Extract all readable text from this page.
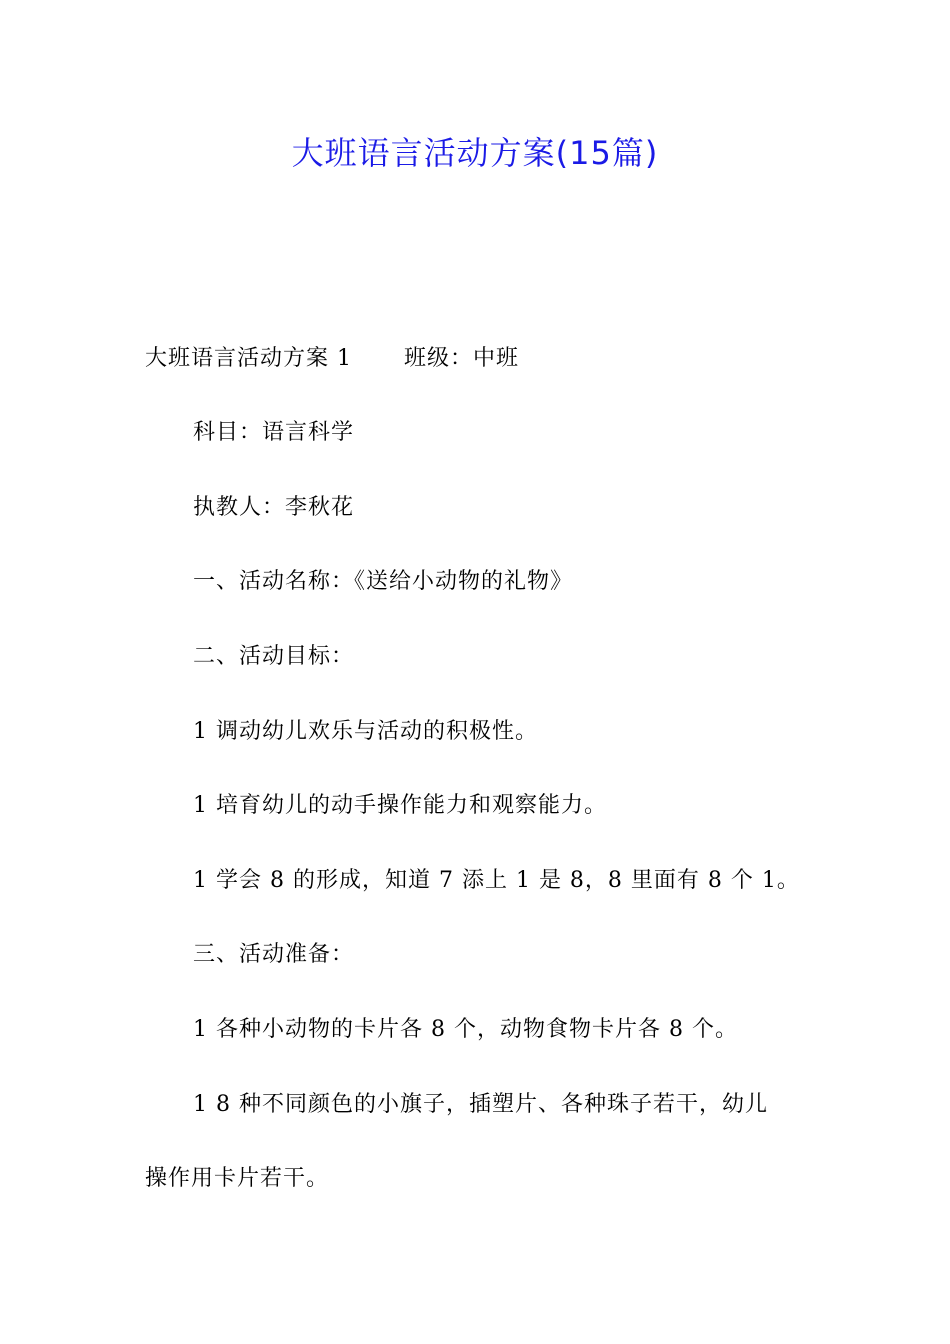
大班语言活动方案(15篇)
大班语言活动方案 1 班级：中班
科目：语言科学
执教人：李秋花
一、活动名称：《送给小动物的礼物》
二、活动目标：
1 调动幼儿欢乐与活动的积极性。
1 培育幼儿的动手操作能力和观察能力。
1 学会 8 的形成，知道 7 添上 1 是 8，8 里面有 8 个 1。
三、活动准备：
1 各种小动物的卡片各 8 个，动物食物卡片各 8 个。
1 8 种不同颜色的小旗子，插塑片、各种珠子若干，幼儿
操作用卡片若干。
